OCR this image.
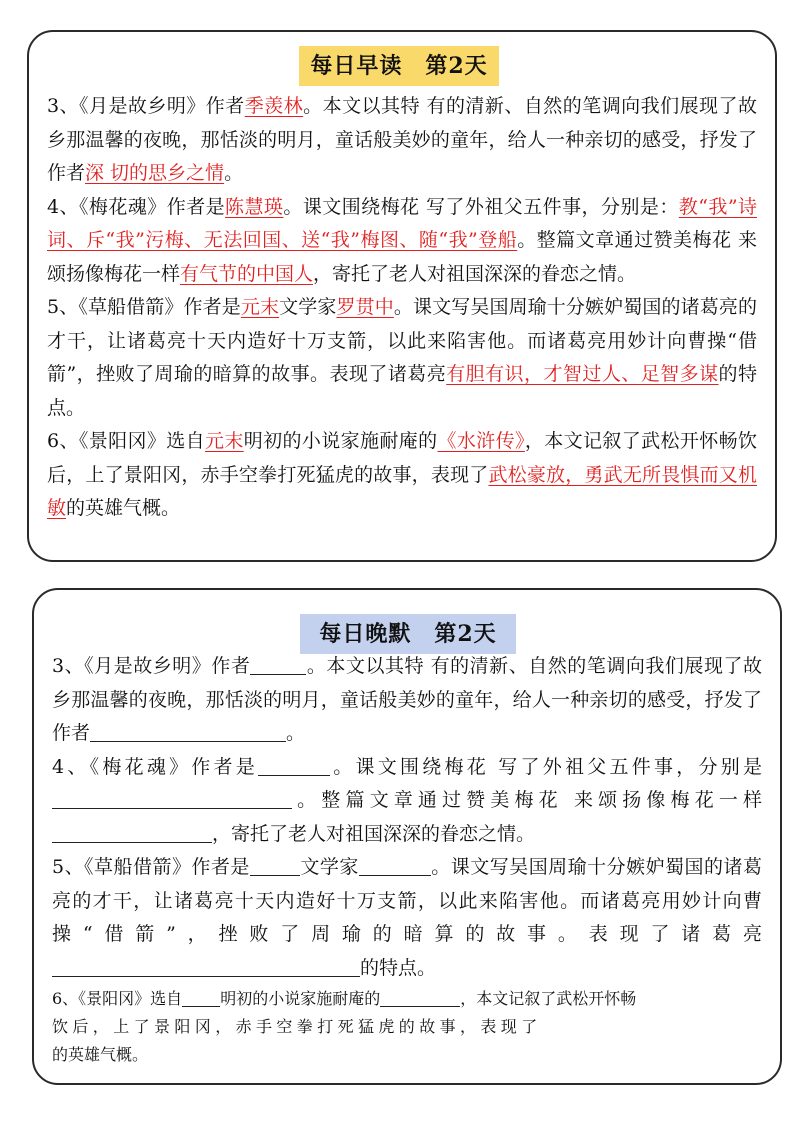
每日早读　第2天

3、《月是故乡明》作者季羡林。本文以其特 有的清新、自然的笔调向我们展现了故乡那温馨的夜晚，那恬淡的明月，童话般美妙的童年，给人一种亲切的感受，抒发了作者深 切的思乡之情。

4、《梅花魂》作者是陈慧瑛。课文围绕梅花 写了外祖父五件事，分别是：教“我”诗词、斥“我”污梅、无法回国、送“我”梅图、随“我”登船。整篇文章通过赞美梅花 来颂扬像梅花一样有气节的中国人，寄托了老人对祖国深深的眷恋之情。

5、《草船借箭》作者是元末文学家罗贯中。课文写吴国周瑜十分嫉妒蜀国的诸葛亮的才干，让诸葛亮十天内造好十万支箭，以此来陷害他。而诸葛亮用妙计向曹操“借箭”，挫败了周瑜的暗算的故事。表现了诸葛亮有胆有识，才智过人、足智多谋的特点。

6、《景阳冈》选自元末明初的小说家施耐庵的《水浒传》，本文记叙了武松开怀畅饮后，上了景阳冈，赤手空拳打死猛虎的故事，表现了武松豪放，勇武无所畏惧而又机敏的英雄气概。

每日晚默　第2天

3、《月是故乡明》作者	。本文以其特 有的清新、自然的笔调向我们展现了故乡那温馨的夜晚，那恬淡的明月，童话般美妙的童年，给人一种亲切的感受，抒发了作者	。

4、《梅花魂》作者是	。课文围绕梅花 写了外祖父五件事，分别是。整篇文章通过赞美梅花 来颂扬像梅花一样，寄托了老人对祖国深深的眷恋之情。

5、《草船借箭》作者是	文学家	。课文写吴国周瑜十分嫉妒蜀国的诸葛亮的才干，让诸葛亮十天内造好十万支箭，以此来陷害他。而诸葛亮用妙计向曹操“借箭”，挫败了周瑜的暗算的故事。表现了诸葛亮的特点。

6、《景阳冈》选自 明初的小说家施耐庵的	，本文记叙了武松开怀畅
饮后，上了景阳冈，赤手空拳打死猛虎的故事，表现了
的英雄气概。
